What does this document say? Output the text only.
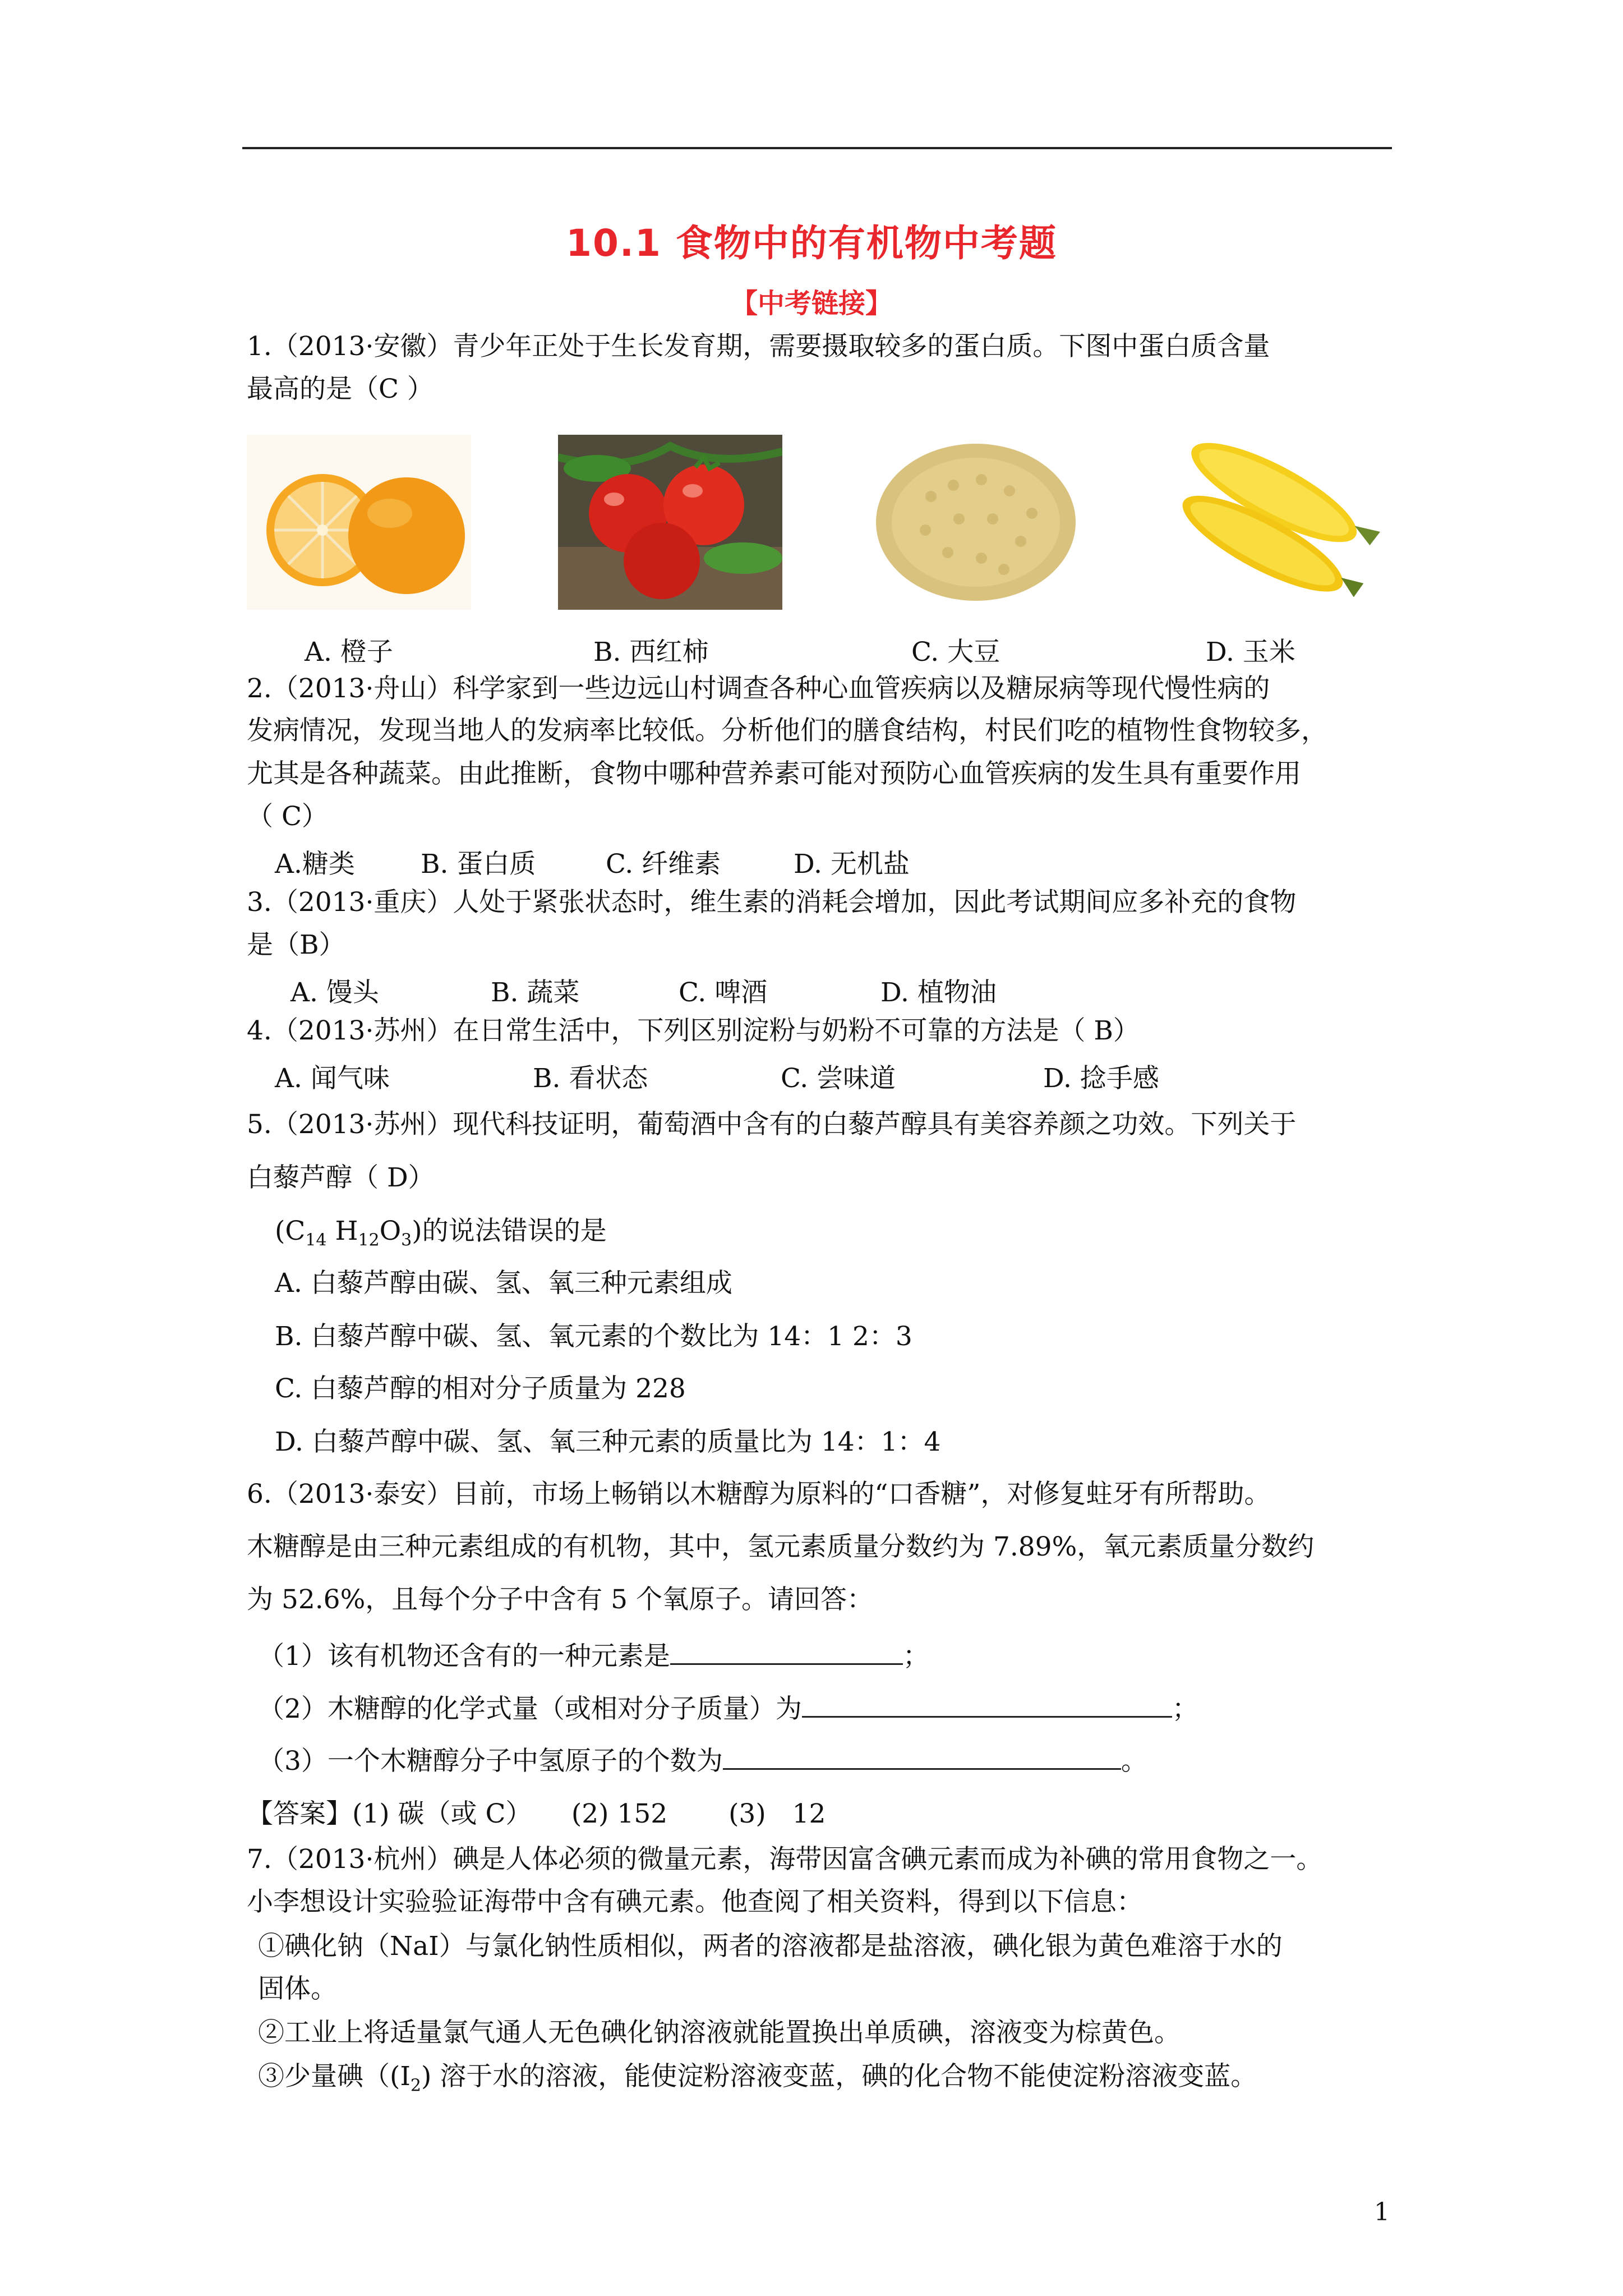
10.1 食物中的有机物中考题
【中考链接】
1.（2013·安徽）青少年正处于生长发育期，需要摄取较多的蛋白质。下图中蛋白质含量
最高的是（C ）
A. 橙子	B. 西红柿	C. 大豆	D. 玉米
2.（2013·舟山）科学家到一些边远山村调查各种心血管疾病以及糖尿病等现代慢性病的
发病情况，发现当地人的发病率比较低。分析他们的膳食结构，村民们吃的植物性食物较多，
尤其是各种蔬菜。由此推断，食物中哪种营养素可能对预防心血管疾病的发生具有重要作用
（ C）
A.糖类 B. 蛋白质	C. 纤维素	D. 无机盐
3.（2013·重庆）人处于紧张状态时，维生素的消耗会增加，因此考试期间应多补充的食物
是（B）
A. 馒头	B. 蔬菜	C. 啤酒	D. 植物油
4.（2013·苏州）在日常生活中，下列区别淀粉与奶粉不可靠的方法是（ B）
A. 闻气味	B. 看状态	C. 尝味道	D. 捻手感
5.（2013·苏州）现代科技证明，葡萄酒中含有的白藜芦醇具有美容养颜之功效。下列关于
白藜芦醇（ D）
($C_{14}$ $H_{12}O_3$)的说法错误的是
A. 白藜芦醇由碳、氢、氧三种元素组成
B. 白藜芦醇中碳、氢、氧元素的个数比为 14：1 2：3
C. 白藜芦醇的相对分子质量为 228
D. 白藜芦醇中碳、氢、氧三种元素的质量比为 14：1：4
6.（2013·泰安）目前，市场上畅销以木糖醇为原料的“口香糖”，对修复蛀牙有所帮助。
木糖醇是由三种元素组成的有机物，其中，氢元素质量分数约为 7.89%，氧元素质量分数约
为 52.6%，且每个分子中含有 5 个氧原子。请回答：
（1）该有机物还含有的一种元素是	；
（2）木糖醇的化学式量（或相对分子质量）为	；
（3）一个木糖醇分子中氢原子的个数为	。
【答案】(1) 碳（或 C）　　(2) 152　　 (3)　12
7.（2013·杭州）碘是人体必须的微量元素，海带因富含碘元素而成为补碘的常用食物之一。
小李想设计实验验证海带中含有碘元素。他查阅了相关资料，得到以下信息：
①碘化钠（NaI）与氯化钠性质相似，两者的溶液都是盐溶液，碘化银为黄色难溶于水的
固体。
②工业上将适量氯气通人无色碘化钠溶液就能置换出单质碘，溶液变为棕黄色。
③少量碘（$(I_2)$ 溶于水的溶液，能使淀粉溶液变蓝，碘的化合物不能使淀粉溶液变蓝。
1
